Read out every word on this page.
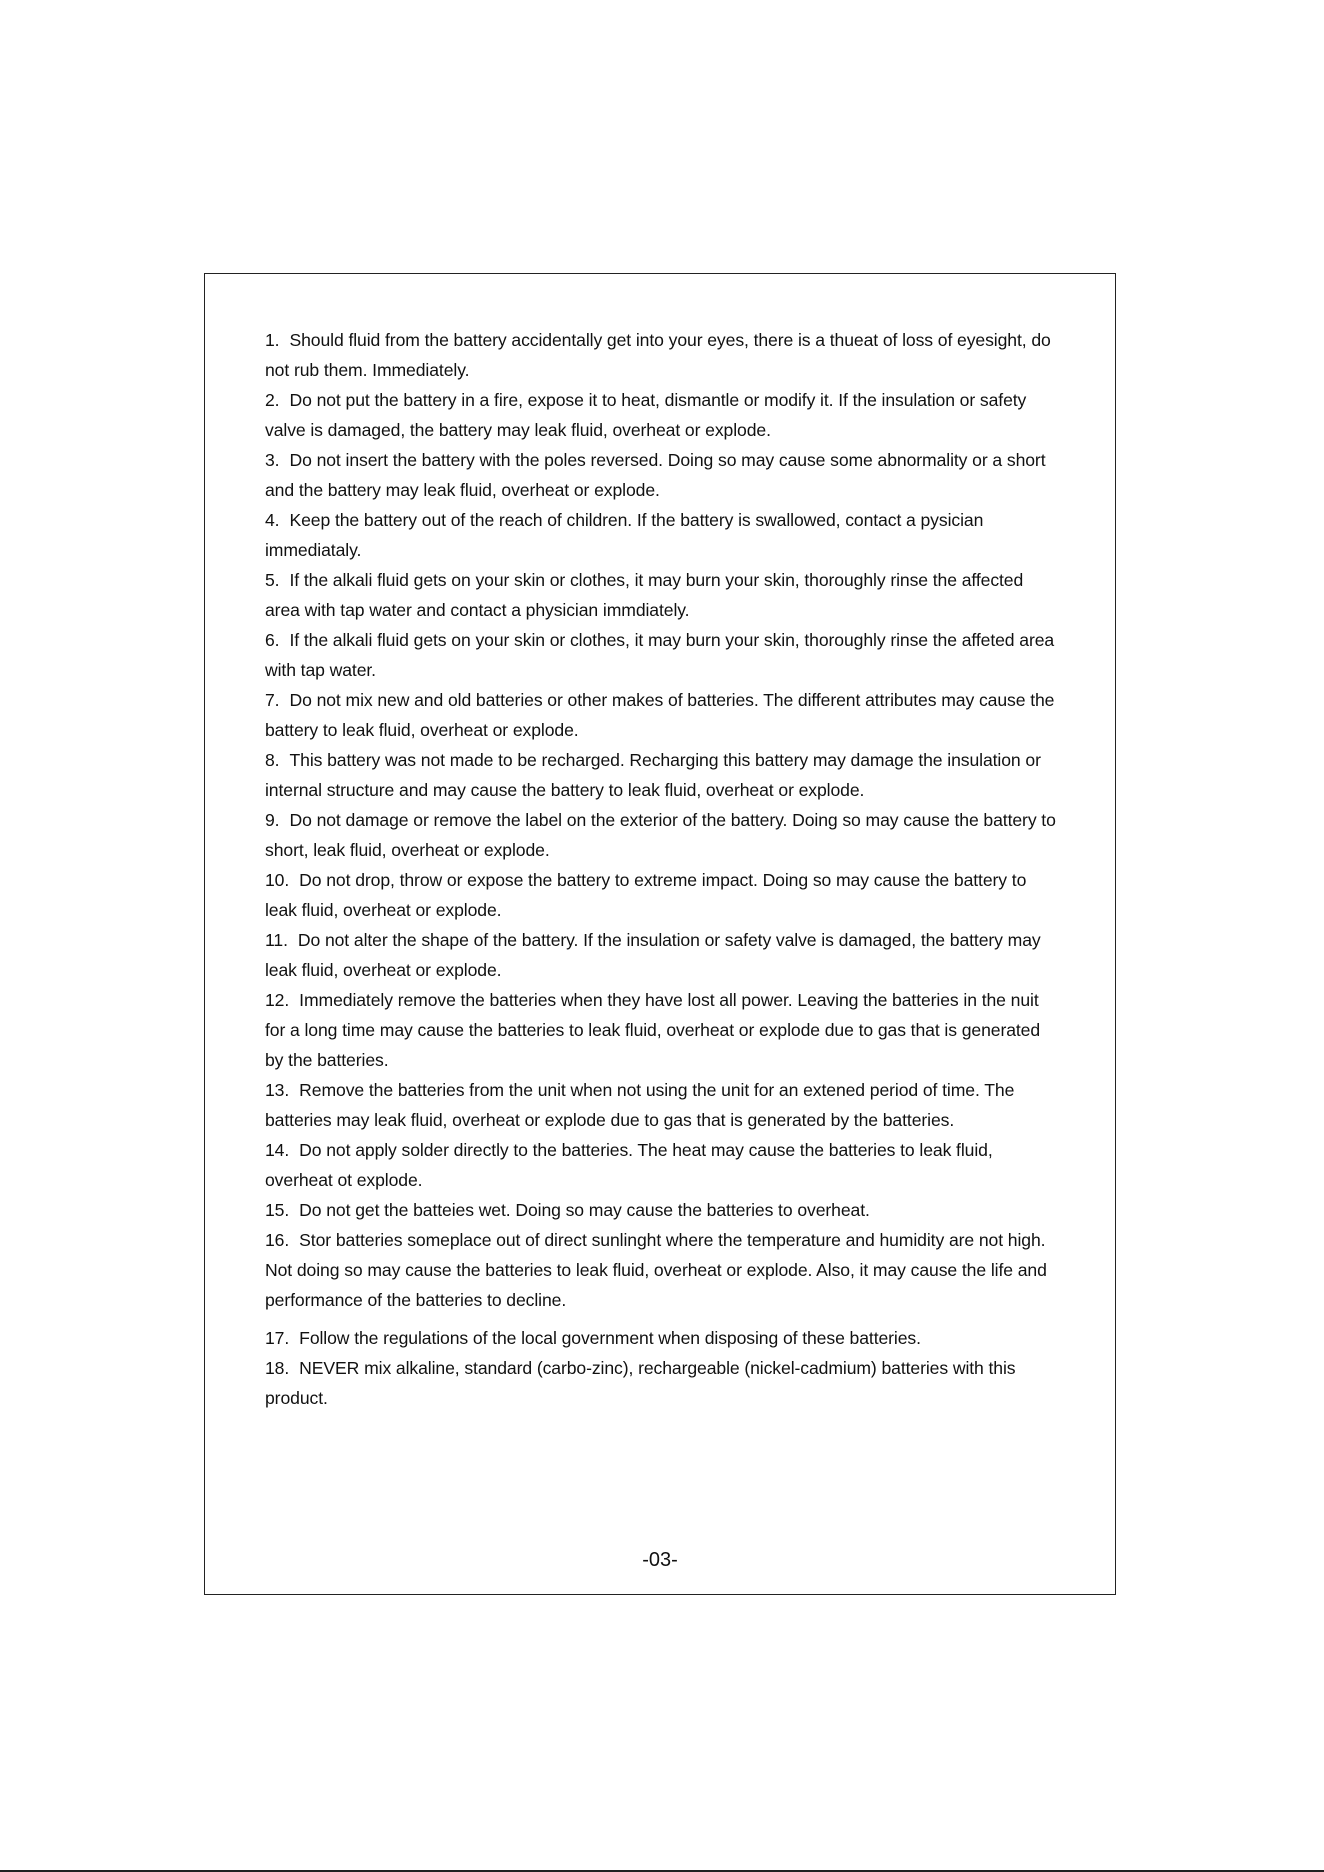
1. Should fluid from the battery accidentally get into your eyes, there is a thueat of loss of eyesight, do not rub them. Immediately.
2. Do not put the battery in a fire, expose it to heat, dismantle or modify it. If the insulation or safety valve is damaged, the battery may leak fluid, overheat or explode.
3. Do not insert the battery with the poles reversed. Doing so may cause some abnormality or a short and the battery may leak fluid, overheat or explode.
4. Keep the battery out of the reach of children. If the battery is swallowed, contact a pysician immediataly.
5. If the alkali fluid gets on your skin or clothes, it may burn your skin, thoroughly rinse the affected area with tap water and contact a physician immdiately.
6. If the alkali fluid gets on your skin or clothes, it may burn your skin, thoroughly rinse the affeted area with tap water.
7. Do not mix new and old batteries or other makes of batteries. The different attributes may cause the battery to leak fluid, overheat or explode.
8. This battery was not made to be recharged. Recharging this battery may damage the insulation or internal structure and may cause the battery to leak fluid, overheat or explode.
9. Do not damage or remove the label on the exterior of the battery. Doing so may cause the battery to short, leak fluid, overheat or explode.
10. Do not drop, throw or expose the battery to extreme impact. Doing so may cause the battery to leak fluid, overheat or explode.
11. Do not alter the shape of the battery. If the insulation or safety valve is damaged, the battery may leak fluid, overheat or explode.
12. Immediately remove the batteries when they have lost all power. Leaving the batteries in the nuit for a long time may cause the batteries to leak fluid, overheat or explode due to gas that is generated by the batteries.
13. Remove the batteries from the unit when not using the unit for an extened period of time. The batteries may leak fluid, overheat or explode due to gas that is generated by the batteries.
14. Do not apply solder directly to the batteries. The heat may cause the batteries to leak fluid, overheat ot explode.
15. Do not get the batteies wet. Doing so may cause the batteries to overheat.
16. Stor batteries someplace out of direct sunlinght where the temperature and humidity are not high. Not doing so may cause the batteries to leak fluid, overheat or explode. Also, it may cause the life and performance of the batteries to decline.
17. Follow the regulations of the local government when disposing of these batteries.
18. NEVER mix alkaline, standard (carbo-zinc), rechargeable (nickel-cadmium) batteries with this product.
-03-
